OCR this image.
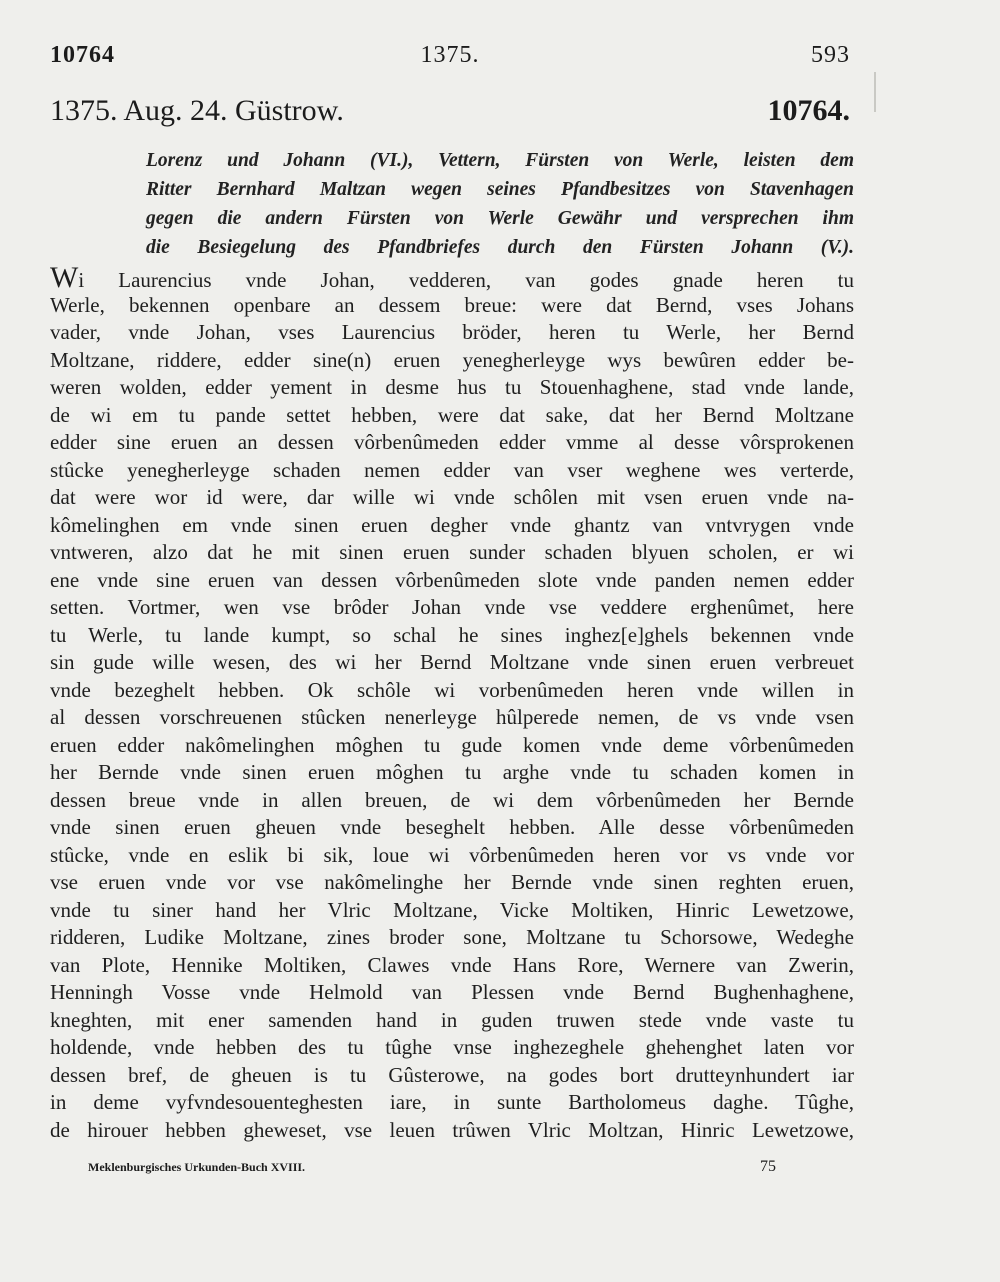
10764	1375.	593
1375. Aug. 24. Güstrow.	10764.
Lorenz und Johann (VI.), Vettern, Fürsten von Werle, leisten dem
Ritter Bernhard Maltzan wegen seines Pfandbesitzes von Stavenhagen
gegen die andern Fürsten von Werle Gewähr und versprechen ihm
die Besiegelung des Pfandbriefes durch den Fürsten Johann (V.).
Wi Laurencius vnde Johan, vedderen, van godes gnade heren tu
Werle, bekennen openbare an dessem breue: were dat Bernd, vses Johans
vader, vnde Johan, vses Laurencius bröder, heren tu Werle, her Bernd
Moltzane, riddere, edder sine(n) eruen yenegherleyge wys bewûren edder be-
weren wolden, edder yement in desme hus tu Stouenhaghene, stad vnde lande,
de wi em tu pande settet hebben, were dat sake, dat her Bernd Moltzane
edder sine eruen an dessen vôrbenûmeden edder vmme al desse vôrsprokenen
stûcke yenegherleyge schaden nemen edder van vser weghene wes verterde,
dat were wor id were, dar wille wi vnde schôlen mit vsen eruen vnde na-
kômelinghen em vnde sinen eruen degher vnde ghantz van vntvrygen vnde
vntweren, alzo dat he mit sinen eruen sunder schaden blyuen scholen, er wi
ene vnde sine eruen van dessen vôrbenûmeden slote vnde panden nemen edder
setten. Vortmer, wen vse brôder Johan vnde vse veddere erghenûmet, here
tu Werle, tu lande kumpt, so schal he sines inghez[e]ghels bekennen vnde
sin gude wille wesen, des wi her Bernd Moltzane vnde sinen eruen verbreuet
vnde bezeghelt hebben. Ok schôle wi vorbenûmeden heren vnde willen in
al dessen vorschreuenen stûcken nenerleyge hûlperede nemen, de vs vnde vsen
eruen edder nakômelinghen môghen tu gude komen vnde deme vôrbenûmeden
her Bernde vnde sinen eruen môghen tu arghe vnde tu schaden komen in
dessen breue vnde in allen breuen, de wi dem vôrbenûmeden her Bernde
vnde sinen eruen gheuen vnde beseghelt hebben. Alle desse vôrbenûmeden
stûcke, vnde en eslik bi sik, loue wi vôrbenûmeden heren vor vs vnde vor
vse eruen vnde vor vse nakômelinghe her Bernde vnde sinen reghten eruen,
vnde tu siner hand her Vlric Moltzane, Vicke Moltiken, Hinric Lewetzowe,
ridderen, Ludike Moltzane, zines broder sone, Moltzane tu Schorsowe, Wedeghe
van Plote, Hennike Moltiken, Clawes vnde Hans Rore, Wernere van Zwerin,
Henningh Vosse vnde Helmold van Plessen vnde Bernd Bughenhaghene,
kneghten, mit ener samenden hand in guden truwen stede vnde vaste tu
holdende, vnde hebben des tu tûghe vnse inghezeghele ghehenghet laten vor
dessen bref, de gheuen is tu Gûsterowe, na godes bort drutteynhundert iar
in deme vyfvndesouenteghesten iare, in sunte Bartholomeus daghe. Tûghe,
de hirouer hebben gheweset, vse leuen trûwen Vlric Moltzan, Hinric Lewetzowe,
Meklenburgisches Urkunden-Buch XVIII.	75
